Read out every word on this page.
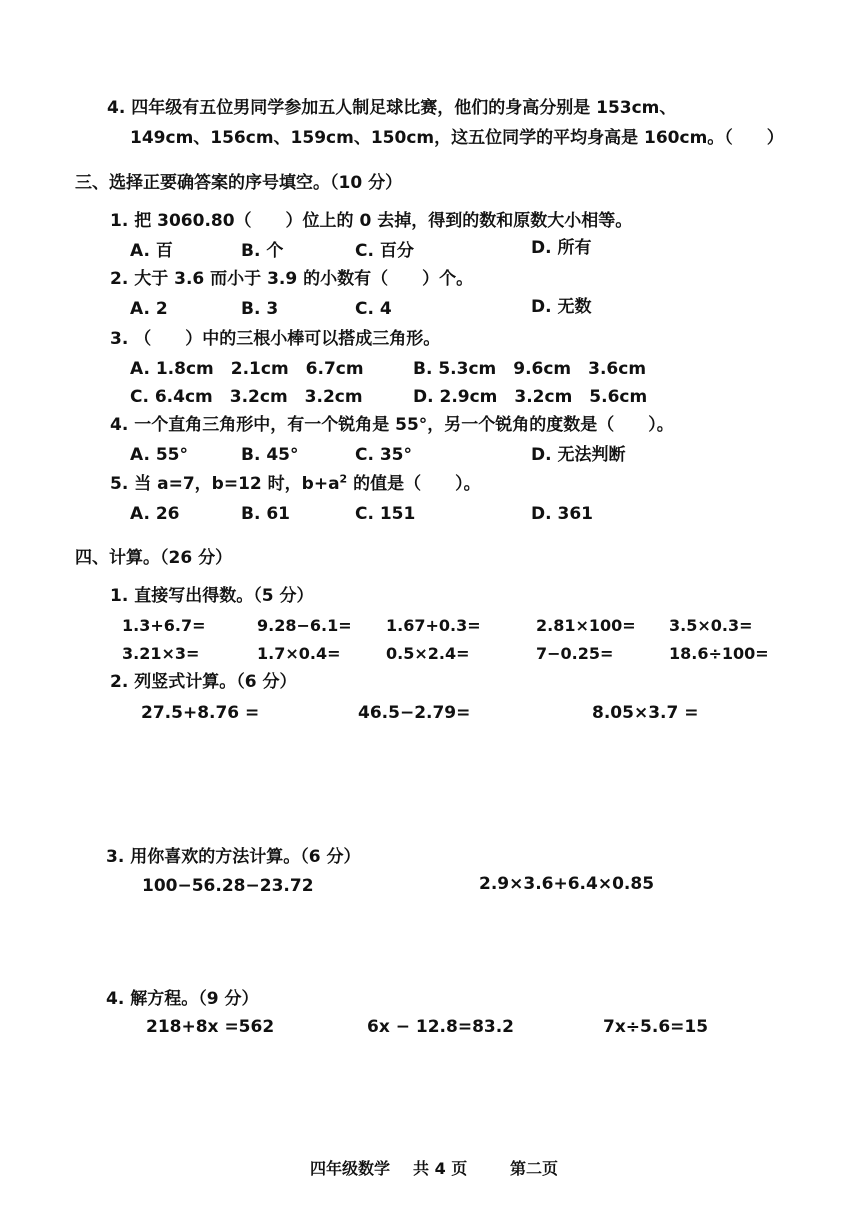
4. 四年级有五位男同学参加五人制足球比赛，他们的身高分别是 153cm、
149cm、156cm、159cm、150cm，这五位同学的平均身高是 160cm。（　　）
三、选择正要确答案的序号填空。（10 分）
1. 把 3060.80（　　）位上的 0 去掉，得到的数和原数大小相等。
A. 百	B. 个	C. 百分	D. 所有
2. 大于 3.6 而小于 3.9 的小数有（　　）个。
A. 2	B. 3	C. 4	D. 无数
3. （　　）中的三根小棒可以搭成三角形。
A. 1.8cm　2.1cm　6.7cm	B. 5.3cm　9.6cm　3.6cm
C. 6.4cm　3.2cm　3.2cm	D. 2.9cm　3.2cm　5.6cm
4. 一个直角三角形中，有一个锐角是 55°，另一个锐角的度数是（　　）。
A. 55°	B. 45°	C. 35°	D. 无法判断
5. 当 a=7，b=12 时，$b+a^2$ 的值是（　　）。
A. 26	B. 61	C. 151	D. 361
四、计算。（26 分）
1. 直接写出得数。（5 分）
1.3+6.7=	9.28−6.1= 1.67+0.3=	2.81×100= 3.5×0.3=
3.21×3=	1.7×0.4=	0.5×2.4=	7−0.25=	18.6÷100=
2. 列竖式计算。（6 分）
27.5+8.76 =	46.5−2.79=	8.05×3.7 =
3. 用你喜欢的方法计算。（6 分）
100−56.28−23.72	2.9×3.6+6.4×0.85
4. 解方程。（9 分）
218+8x =562	6x − 12.8=83.2	7x÷5.6=15
四年级数学 共 4 页	第二页
